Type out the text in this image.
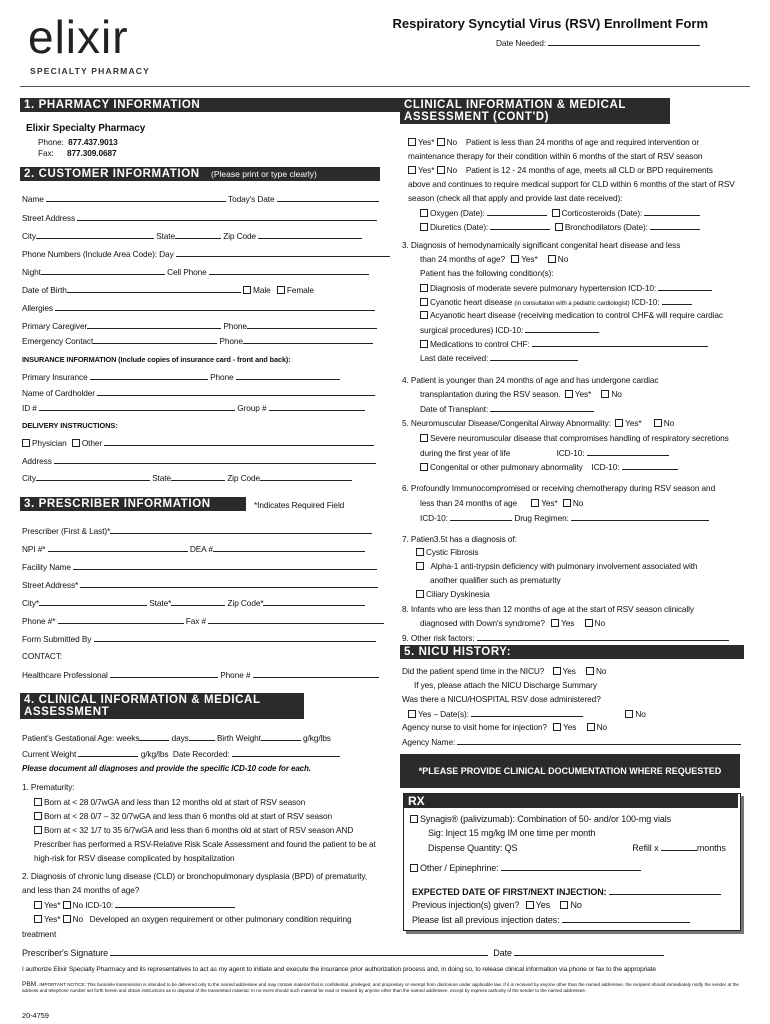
elixir
SPECIALTY PHARMACY
Respiratory Syncytial Virus (RSV) Enrollment Form
Date Needed:
1. PHARMACY INFORMATION
Elixir Specialty Pharmacy
Phone: 877.437.9013
Fax: 877.309.0687
2. CUSTOMER INFORMATION (Please print or type clearly)
Name	Today's Date
Street Address
City	State	Zip Code
Phone Numbers (Include Area Code): Day
Night	Cell Phone
Date of Birth	Male Female
Allergies
Primary Caregiver	Phone
Emergency Contact	Phone
INSURANCE INFORMATION (Include copies of insurance card - front and back):
Primary Insurance	Phone
Name of Cardholder
ID #	Group #
DELIVERY INSTRUCTIONS:
Physician Other
Address
City	State	Zip Code
3. PRESCRIBER INFORMATION	*Indicates Required Field
Prescriber (First & Last)*
NPI #*	DEA #
Facility Name
Street Address*
City*	State*	Zip Code*
Phone #*	Fax #
Form Submitted By
CONTACT:
Healthcare Professional	Phone #
4. CLINICAL INFORMATION & MEDICAL
ASSESSMENT
Patient's Gestational Age: weeks	days	Birth Weight	g/kg/lbs
Current Weight	g/kg/lbs Date Recorded:
Please document all diagnoses and provide the specific ICD-10 code for each.
1. Prematurity:
Born at < 28 0/7wGA and less than 12 months old at start of RSV season
Born at < 28 0/7 – 32 0/7wGA and less than 6 months old at start of RSV season
Born at < 32 1/7 to 35 6/7wGA and less than 6 months old at start of RSV season AND
Prescriber has performed a RSV-Relative Risk Scale Assessment and found the patient to be at
high-risk for RSV disease complicated by hospitalization
2. Diagnosis of chronic lung disease (CLD) or bronchopulmonary dysplasia (BPD) of prematurity,
and less than 24 months of age?
Yes* No ICD-10:
Yes* No Developed an oxygen requirement or other pulmonary condition requiring
treatment
CLINICAL INFORMATION & MEDICAL
ASSESSMENT (CONT'D)
Yes* No Patient is less than 24 months of age and required intervention or
maintenance therapy for their condition within 6 months of the start of RSV season
Yes* No Patient is 12 - 24 months of age, meets all CLD or BPD requirements
above and continues to require medical support for CLD within 6 months of the start of RSV
season (check all that apply and provide last date received):
Oxygen (Date):	Corticosteroids (Date):
Diuretics (Date):	Bronchodilators (Date):
3. Diagnosis of hemodynamically significant congenital heart disease and less
than 24 months of age? Yes* No
Patient has the following condition(s):
Diagnosis of moderate severe pulmonary hypertension ICD-10:
Cyanotic heart disease (in consultation with a pediatric cardiologist) ICD-10:
Acyanotic heart disease (receiving medication to control CHF& will require cardiac
surgical procedures) ICD-10:
Medications to control CHF:
Last date received:
4. Patient is younger than 24 months of age and has undergone cardiac
transplantation during the RSV season. Yes* No
Date of Transplant:
5. Neuromuscular Disease/Congenital Airway Abnormality: Yes*	No
Severe neuromuscular disease that compromises handling of respiratory secretions
during the first year of life	ICD-10:
Congenital or other pulmonary abnormality ICD-10:
6. Profoundly Immunocompromised or receiving chemotherapy during RSV season and
less than 24 months of age	Yes* No
ICD-10:	Drug Regimen:
7. Patien3.5t has a diagnosis of:
Cystic Fibrosis
Alpha-1 anti-trypsin deficiency with pulmonary involvement associated with
another qualifier such as prematurity
Ciliary Dyskinesia
8. Infants who are less than 12 months of age at the start of RSV season clinically
diagnosed with Down's syndrome? Yes No
9. Other risk factors:
5. NICU HISTORY:
Did the patient spend time in the NICU? Yes No
If yes, please attach the NICU Discharge Summary
Was there a NICU/HOSPITAL RSV dose administered?
Yes – Date(s):	No
Agency nurse to visit home for injection? Yes No
Agency Name:
*PLEASE PROVIDE CLINICAL DOCUMENTATION WHERE REQUESTED
RX
Synagis® (palivizumab): Combination of 50- and/or 100-mg vials
Sig: Inject 15 mg/kg IM one time per month
Dispense Quantity: QS	Refill x	months
Other / Epinephrine:
EXPECTED DATE OF FIRST/NEXT INJECTION:
Previous injection(s) given? Yes No
Please list all previous injection dates:
Prescriber's Signature	Date
I authorize Elixir Specialty Pharmacy and its representatives to act as my agent to initiate and execute the insurance prior authorization process and, in doing so, to release clinical information via phone or fax to the appropriate
PBM. IMPORTANT NOTICE: This facsimile transmission is intended to be delivered only to the named addressee and may contain material that is confidential, privileged, and proprietary or exempt from disclosure under applicable law. If it is received by anyone other than the named addressee, the recipient should immediately notify the sender at the address and telephone number set forth herein and obtain instructions as to disposal of the transmitted material. In no event should such material be read or retained by anyone other than the named addressee, except by express authority of the sender to the named addressee.
20-4759
